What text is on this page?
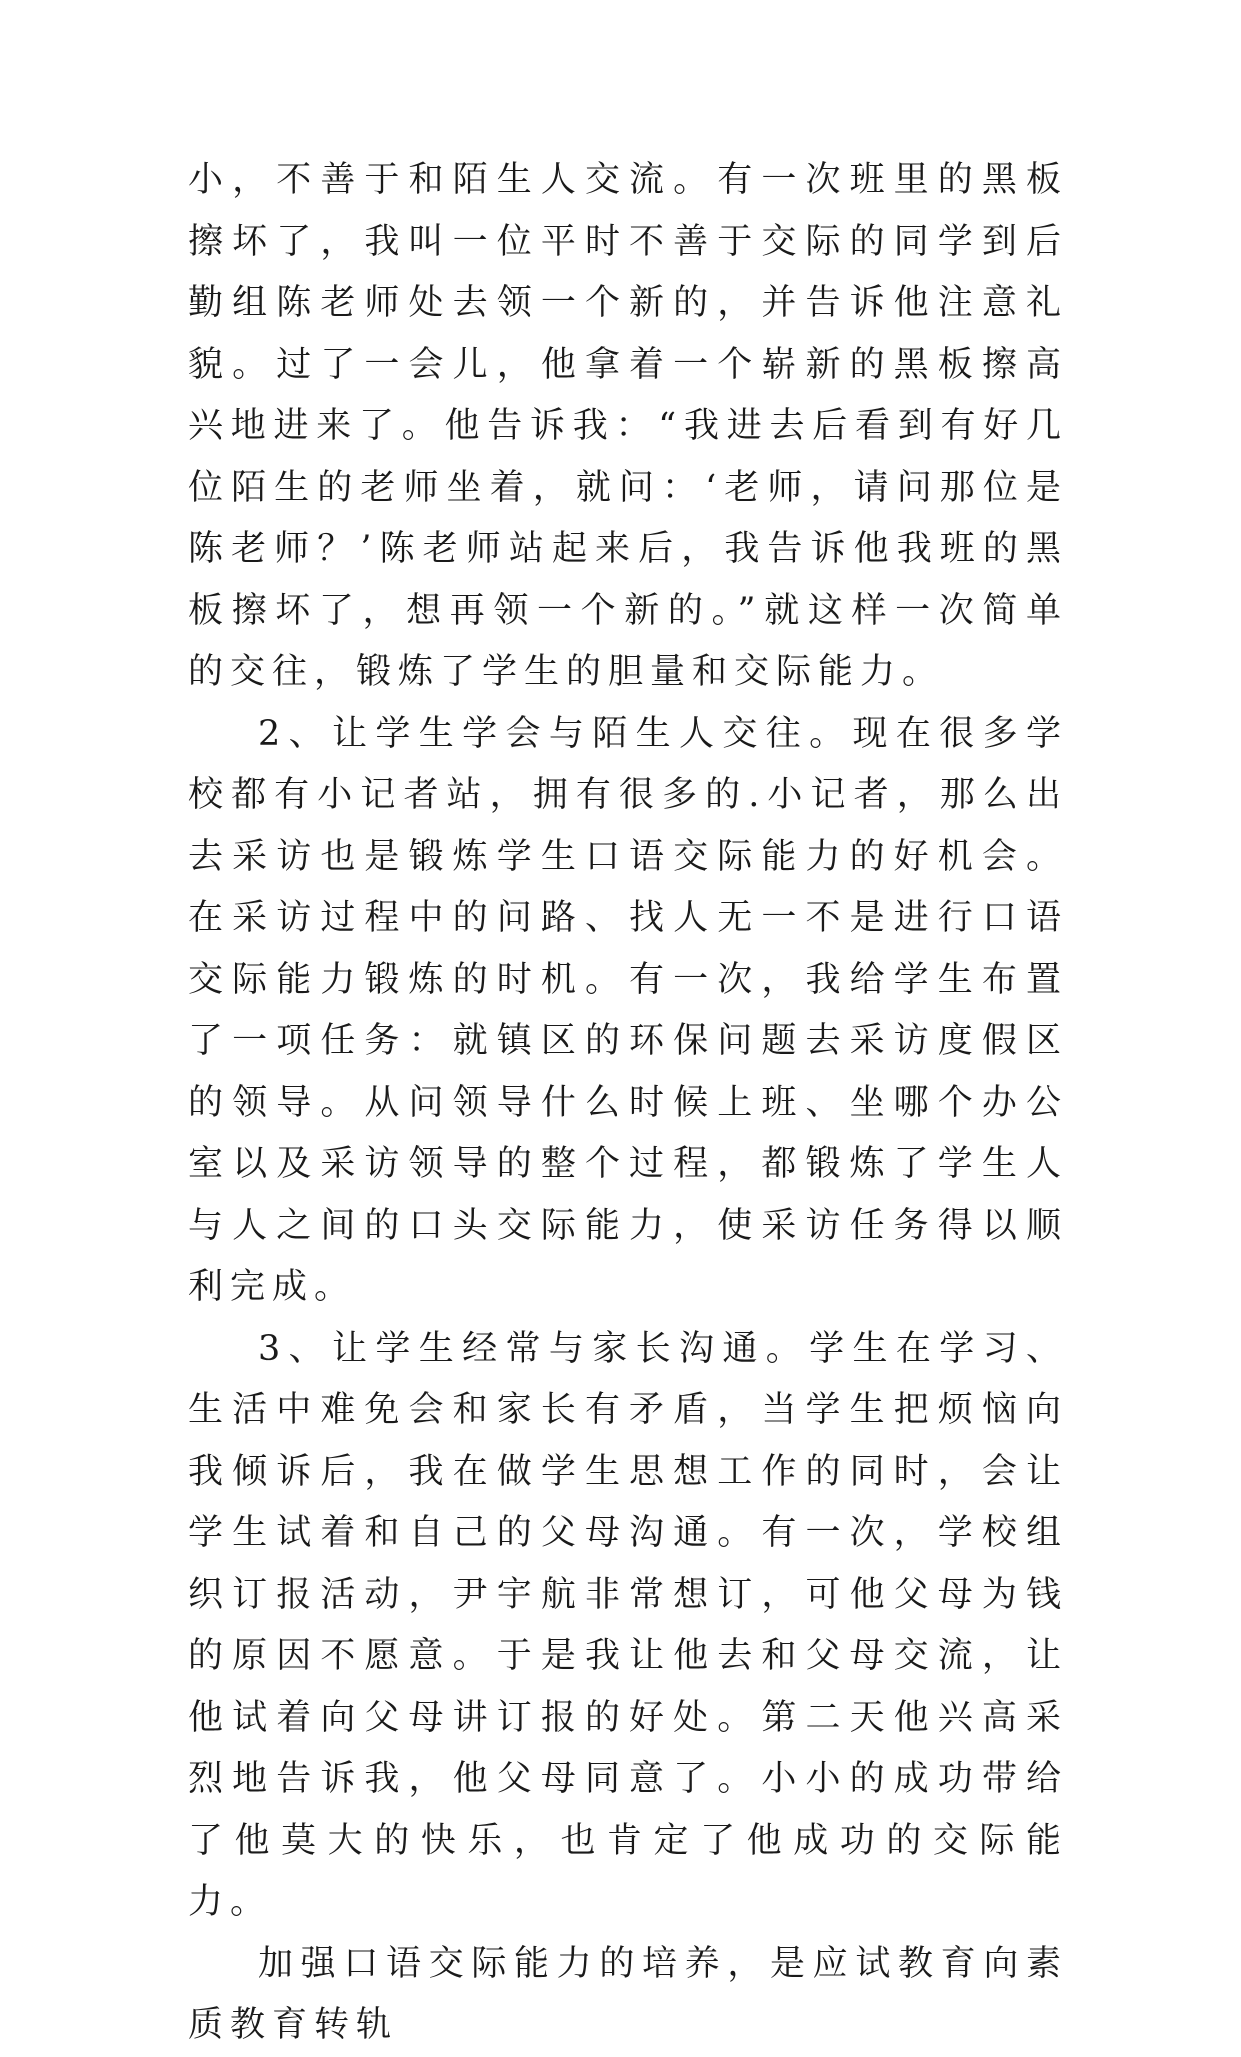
小，不善于和陌生人交流。有一次班里的黑板擦坏了，我叫一位平时不善于交际的同学到后勤组陈老师处去领一个新的，并告诉他注意礼貌。过了一会儿，他拿着一个崭新的黑板擦高兴地进来了。他告诉我：“我进去后看到有好几位陌生的老师坐着，就问：‘老师，请问那位是陈老师？’陈老师站起来后，我告诉他我班的黑板擦坏了，想再领一个新的。”就这样一次简单的交往，锻炼了学生的胆量和交际能力。

2、让学生学会与陌生人交往。现在很多学校都有小记者站，拥有很多的.小记者，那么出去采访也是锻炼学生口语交际能力的好机会。在采访过程中的问路、找人无一不是进行口语交际能力锻炼的时机。有一次，我给学生布置了一项任务：就镇区的环保问题去采访度假区的领导。从问领导什么时候上班、坐哪个办公室以及采访领导的整个过程，都锻炼了学生人与人之间的口头交际能力，使采访任务得以顺利完成。

3、让学生经常与家长沟通。学生在学习、生活中难免会和家长有矛盾，当学生把烦恼向我倾诉后，我在做学生思想工作的同时，会让学生试着和自己的父母沟通。有一次，学校组织订报活动，尹宇航非常想订，可他父母为钱的原因不愿意。于是我让他去和父母交流，让他试着向父母讲订报的好处。第二天他兴高采烈地告诉我，他父母同意了。小小的成功带给了他莫大的快乐，也肯定了他成功的交际能力。

加强口语交际能力的培养，是应试教育向素质教育转轨
